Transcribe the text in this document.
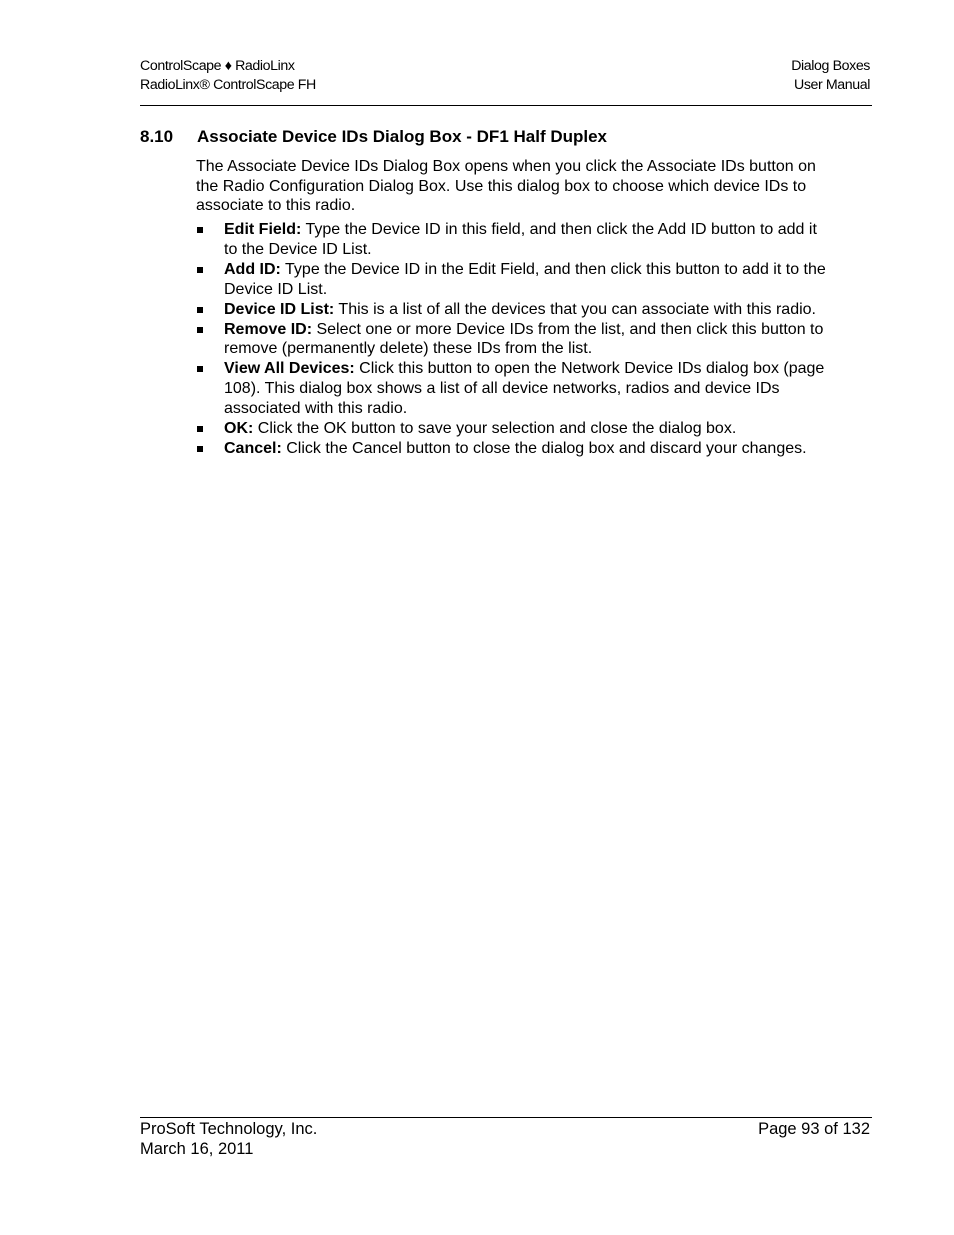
ControlScape ♦ RadioLinx
RadioLinx® ControlScape FH
Dialog Boxes
User Manual
8.10 Associate Device IDs Dialog Box - DF1 Half Duplex

The Associate Device IDs Dialog Box opens when you click the Associate IDs button on the Radio Configuration Dialog Box. Use this dialog box to choose which device IDs to associate to this radio.

Edit Field: Type the Device ID in this field, and then click the Add ID button to add it to the Device ID List.
Add ID: Type the Device ID in the Edit Field, and then click this button to add it to the Device ID List.
Device ID List: This is a list of all the devices that you can associate with this radio.
Remove ID: Select one or more Device IDs from the list, and then click this button to remove (permanently delete) these IDs from the list.
View All Devices: Click this button to open the Network Device IDs dialog box (page 108). This dialog box shows a list of all device networks, radios and device IDs associated with this radio.
OK: Click the OK button to save your selection and close the dialog box.
Cancel: Click the Cancel button to close the dialog box and discard your changes.
ProSoft Technology, Inc.
March 16, 2011
Page 93 of 132
